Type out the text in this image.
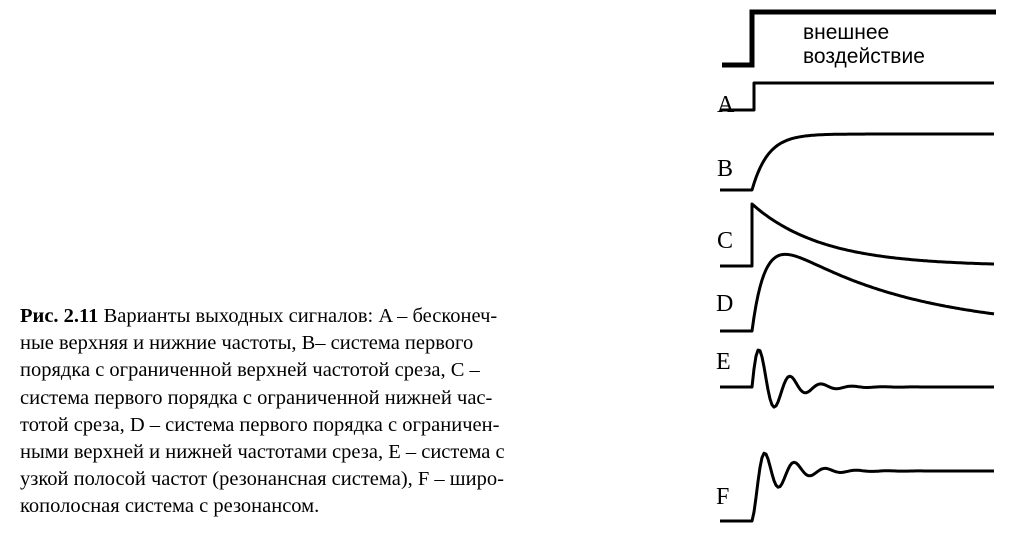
внешнее
воздействие
A
B
C
D
E
F
Рис. 2.11 Варианты выходных сигналов: A – бесконеч-
ные верхняя и нижние частоты, B– система первого
порядка с ограниченной верхней частотой среза, C –
система первого порядка с ограниченной нижней час-
тотой среза, D – система первого порядка с ограничен-
ными верхней и нижней частотами среза, E – система с
узкой полосой частот (резонансная система), F – широ-
кополосная система с резонансом.
